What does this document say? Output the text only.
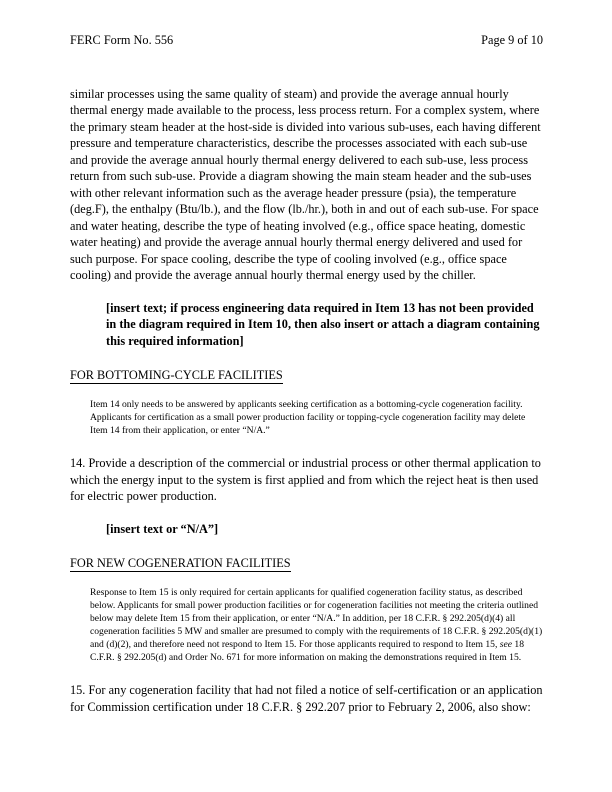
FERC Form No. 556	Page 9 of 10

similar processes using the same quality of steam) and provide the average annual hourly thermal energy made available to the process, less process return. For a complex system, where the primary steam header at the host-side is divided into various sub-uses, each having different pressure and temperature characteristics, describe the processes associated with each sub-use and provide the average annual hourly thermal energy delivered to each sub-use, less process return from such sub-use. Provide a diagram showing the main steam header and the sub-uses with other relevant information such as the average header pressure (psia), the temperature (deg.F), the enthalpy (Btu/lb.), and the flow (lb./hr.), both in and out of each sub-use. For space and water heating, describe the type of heating involved (e.g., office space heating, domestic water heating) and provide the average annual hourly thermal energy delivered and used for such purpose. For space cooling, describe the type of cooling involved (e.g., office space cooling) and provide the average annual hourly thermal energy used by the chiller.

[insert text; if process engineering data required in Item 13 has not been provided in the diagram required in Item 10, then also insert or attach a diagram containing this required information]

FOR BOTTOMING-CYCLE FACILITIES

Item 14 only needs to be answered by applicants seeking certification as a bottoming-cycle cogeneration facility. Applicants for certification as a small power production facility or topping-cycle cogeneration facility may delete Item 14 from their application, or enter “N/A.”

14. Provide a description of the commercial or industrial process or other thermal application to which the energy input to the system is first applied and from which the reject heat is then used for electric power production.

[insert text or “N/A”]

FOR NEW COGENERATION FACILITIES

Response to Item 15 is only required for certain applicants for qualified cogeneration facility status, as described below. Applicants for small power production facilities or for cogeneration facilities not meeting the criteria outlined below may delete Item 15 from their application, or enter “N/A.” In addition, per 18 C.F.R. § 292.205(d)(4) all cogeneration facilities 5 MW and smaller are presumed to comply with the requirements of 18 C.F.R. § 292.205(d)(1) and (d)(2), and therefore need not respond to Item 15. For those applicants required to respond to Item 15, see 18 C.F.R. § 292.205(d) and Order No. 671 for more information on making the demonstrations required in Item 15.

15. For any cogeneration facility that had not filed a notice of self-certification or an application for Commission certification under 18 C.F.R. § 292.207 prior to February 2, 2006, also show:
